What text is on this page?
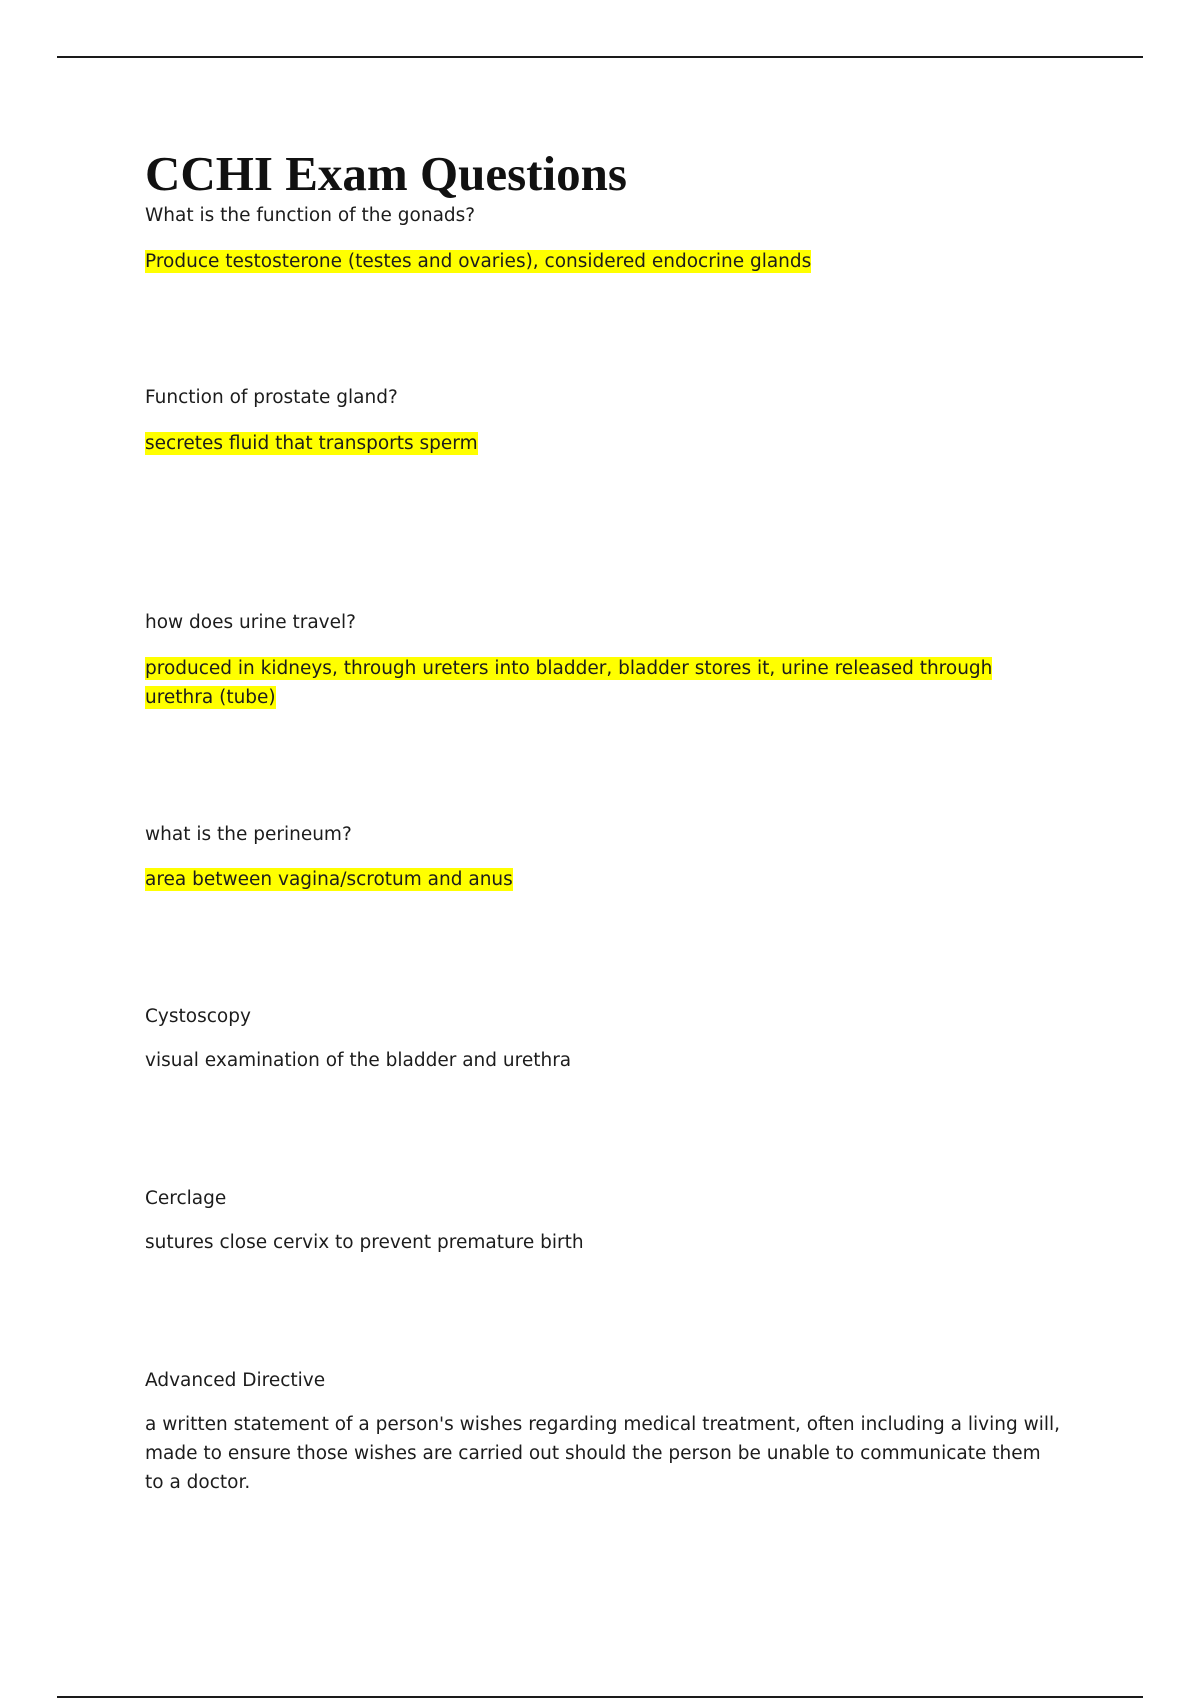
CCHI Exam Questions

What is the function of the gonads?

Produce testosterone (testes and ovaries), considered endocrine glands

Function of prostate gland?

secretes fluid that transports sperm

how does urine travel?

produced in kidneys, through ureters into bladder, bladder stores it, urine released through urethra (tube)

what is the perineum?

area between vagina/scrotum and anus

Cystoscopy

visual examination of the bladder and urethra

Cerclage

sutures close cervix to prevent premature birth

Advanced Directive

a written statement of a person's wishes regarding medical treatment, often including a living will, made to ensure those wishes are carried out should the person be unable to communicate them to a doctor.
